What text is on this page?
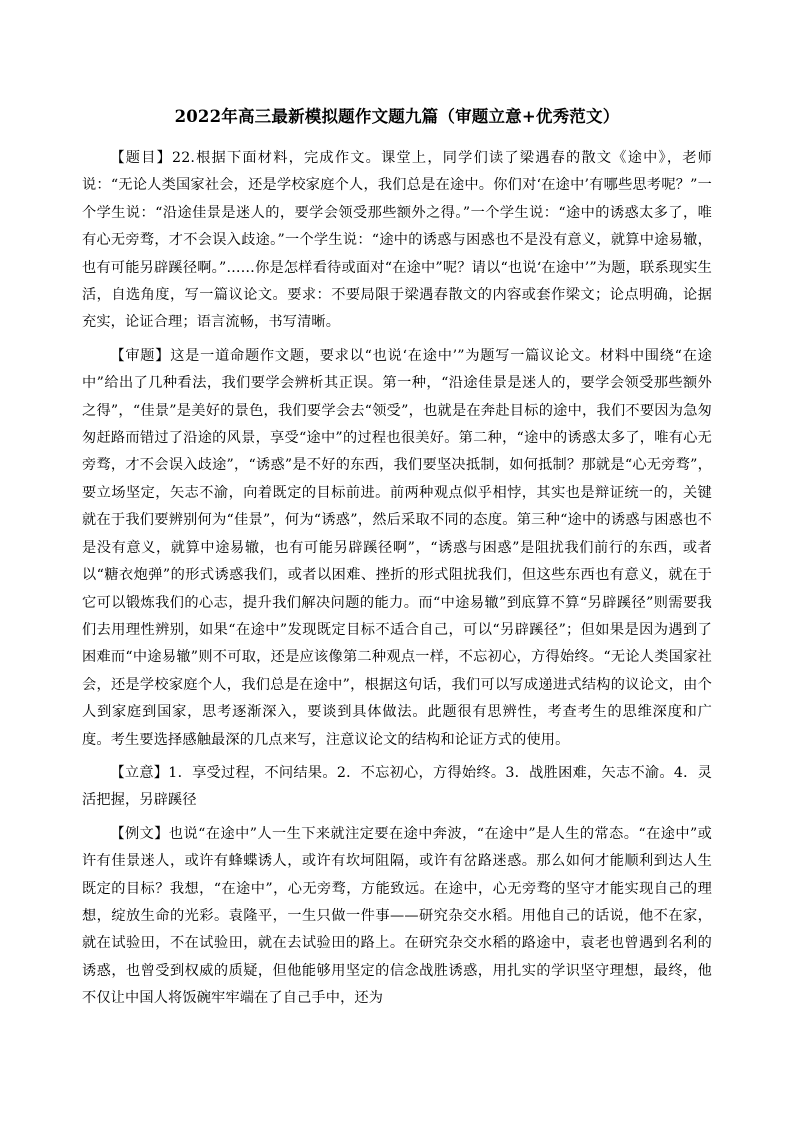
2022年高三最新模拟题作文题九篇（审题立意+优秀范文）

【题目】22.根据下面材料，完成作文。课堂上，同学们读了梁遇春的散文《途中》，老师说：“无论人类国家社会，还是学校家庭个人，我们总是在途中。你们对‘在途中’有哪些思考呢？”一个学生说：“沿途佳景是迷人的，要学会领受那些额外之得。”一个学生说：“途中的诱惑太多了，唯有心无旁骛，才不会误入歧途。”一个学生说：“途中的诱惑与困惑也不是没有意义，就算中途易辙，也有可能另辟蹊径啊。”……你是怎样看待或面对“在途中”呢？请以“也说‘在途中’”为题，联系现实生活，自选角度，写一篇议论文。要求：不要局限于梁遇春散文的内容或套作梁文；论点明确，论据充实，论证合理；语言流畅，书写清晰。

【审题】这是一道命题作文题，要求以“也说‘在途中’”为题写一篇议论文。材料中围绕“在途中”给出了几种看法，我们要学会辨析其正误。第一种，“沿途佳景是迷人的，要学会领受那些额外之得”，“佳景”是美好的景色，我们要学会去“领受”，也就是在奔赴目标的途中，我们不要因为急匆匆赶路而错过了沿途的风景，享受“途中”的过程也很美好。第二种，“途中的诱惑太多了，唯有心无旁骛，才不会误入歧途”，“诱惑”是不好的东西，我们要坚决抵制，如何抵制？那就是“心无旁骛”，要立场坚定，矢志不渝，向着既定的目标前进。前两种观点似乎相悖，其实也是辩证统一的，关键就在于我们要辨别何为“佳景”，何为“诱惑”，然后采取不同的态度。第三种“途中的诱惑与困惑也不是没有意义，就算中途易辙，也有可能另辟蹊径啊”，“诱惑与困惑”是阻扰我们前行的东西，或者以“糖衣炮弹”的形式诱惑我们，或者以困难、挫折的形式阻扰我们，但这些东西也有意义，就在于它可以锻炼我们的心志，提升我们解决问题的能力。而“中途易辙”到底算不算“另辟蹊径”则需要我们去用理性辨别，如果“在途中”发现既定目标不适合自己，可以“另辟蹊径”；但如果是因为遇到了困难而“中途易辙”则不可取，还是应该像第二种观点一样，不忘初心，方得始终。“无论人类国家社会，还是学校家庭个人，我们总是在途中”，根据这句话，我们可以写成递进式结构的议论文，由个人到家庭到国家，思考逐渐深入，要谈到具体做法。此题很有思辨性，考查考生的思维深度和广度。考生要选择感触最深的几点来写，注意议论文的结构和论证方式的使用。

【立意】1．享受过程，不问结果。2．不忘初心，方得始终。3．战胜困难，矢志不渝。4．灵活把握，另辟蹊径

【例文】也说“在途中”人一生下来就注定要在途中奔波，“在途中”是人生的常态。“在途中”或许有佳景迷人，或许有蜂蝶诱人，或许有坎坷阻隔，或许有岔路迷惑。那么如何才能顺利到达人生既定的目标？我想，“在途中”，心无旁骛，方能致远。在途中，心无旁骛的坚守才能实现自己的理想，绽放生命的光彩。袁隆平，一生只做一件事——研究杂交水稻。用他自己的话说，他不在家，就在试验田，不在试验田，就在去试验田的路上。在研究杂交水稻的路途中，袁老也曾遇到名利的诱惑，也曾受到权威的质疑，但他能够用坚定的信念战胜诱惑，用扎实的学识坚守理想，最终，他不仅让中国人将饭碗牢牢端在了自己手中，还为
